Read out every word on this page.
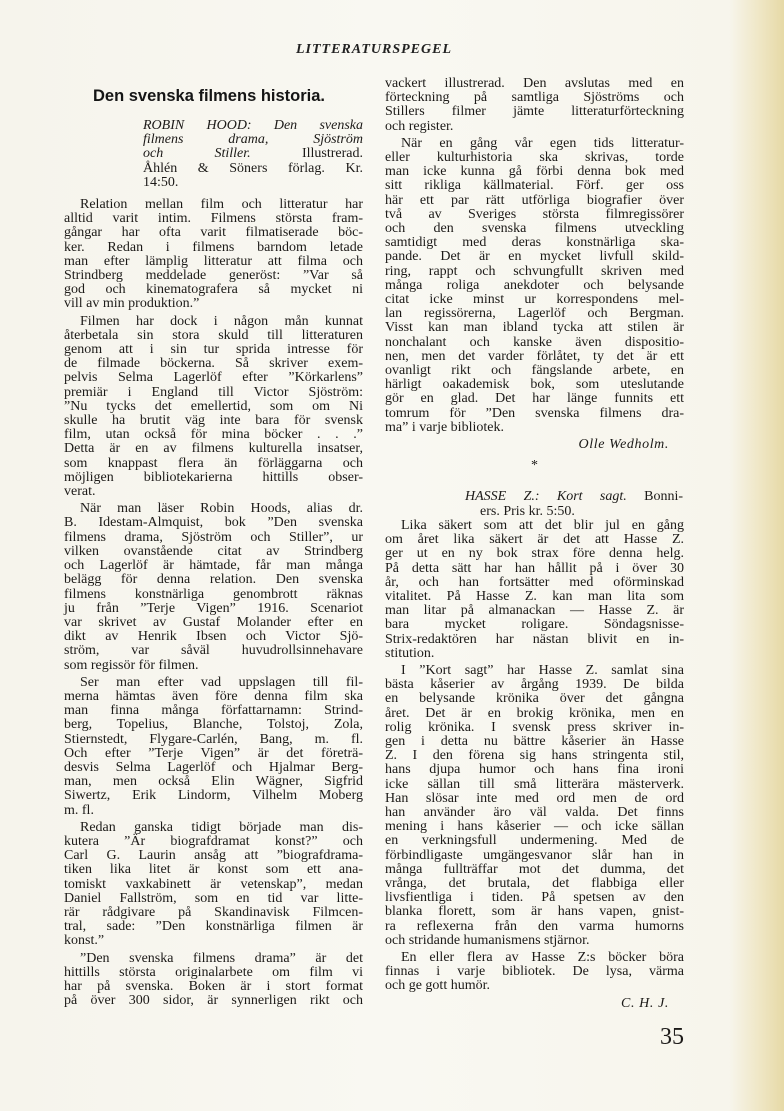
LITTERATURSPEGEL
Den svenska filmens historia.
ROBIN HOOD: Den svenska
filmens drama, Sjöström
och Stiller. Illustrerad.
Åhlén & Söners förlag. Kr.
14:50.
Relation mellan film och litteratur har
alltid varit intim. Filmens största fram-
gångar har ofta varit filmatiserade böc-
ker. Redan i filmens barndom letade
man efter lämplig litteratur att filma och
Strindberg meddelade generöst: ”Var så
god och kinematografera så mycket ni
vill av min produktion.”
Filmen har dock i någon mån kunnat
återbetala sin stora skuld till litteraturen
genom att i sin tur sprida intresse för
de filmade böckerna. Så skriver exem-
pelvis Selma Lagerlöf efter ”Körkarlens”
premiär i England till Victor Sjöström:
”Nu tycks det emellertid, som om Ni
skulle ha brutit väg inte bara för svensk
film, utan också för mina böcker . . .”
Detta är en av filmens kulturella insatser,
som knappast flera än förläggarna och
möjligen bibliotekarierna hittills obser-
verat.
När man läser Robin Hoods, alias dr.
B. Idestam-Almquist, bok ”Den svenska
filmens drama, Sjöström och Stiller”, ur
vilken ovanstående citat av Strindberg
och Lagerlöf är hämtade, får man många
belägg för denna relation. Den svenska
filmens konstnärliga genombrott räknas
ju från ”Terje Vigen” 1916. Scenariot
var skrivet av Gustaf Molander efter en
dikt av Henrik Ibsen och Victor Sjö-
ström, var såväl huvudrollsinnehavare
som regissör för filmen.
Ser man efter vad uppslagen till fil-
merna hämtas även före denna film ska
man finna många författarnamn: Strind-
berg, Topelius, Blanche, Tolstoj, Zola,
Stiernstedt, Flygare-Carlén, Bang, m. fl.
Och efter ”Terje Vigen” är det företrä-
desvis Selma Lagerlöf och Hjalmar Berg-
man, men också Elin Wägner, Sigfrid
Siwertz, Erik Lindorm, Vilhelm Moberg
m. fl.
Redan ganska tidigt började man dis-
kutera ”Är biografdramat konst?” och
Carl G. Laurin ansåg att ”biografdrama-
tiken lika litet är konst som ett ana-
tomiskt vaxkabinett är vetenskap”, medan
Daniel Fallström, som en tid var litte-
rär rådgivare på Skandinavisk Filmcen-
tral, sade: ”Den konstnärliga filmen är
konst.”
”Den svenska filmens drama” är det
hittills största originalarbete om film vi
har på svenska. Boken är i stort format
på över 300 sidor, är synnerligen rikt och
vackert illustrerad. Den avslutas med en
förteckning på samtliga Sjöströms och
Stillers filmer jämte litteraturförteckning
och register.
När en gång vår egen tids litteratur-
eller kulturhistoria ska skrivas, torde
man icke kunna gå förbi denna bok med
sitt rikliga källmaterial. Förf. ger oss
här ett par rätt utförliga biografier över
två av Sveriges största filmregissörer
och den svenska filmens utveckling
samtidigt med deras konstnärliga ska-
pande. Det är en mycket livfull skild-
ring, rappt och schvungfullt skriven med
många roliga anekdoter och belysande
citat icke minst ur korrespondens mel-
lan regissörerna, Lagerlöf och Bergman.
Visst kan man ibland tycka att stilen är
nonchalant och kanske även dispositio-
nen, men det varder förlåtet, ty det är ett
ovanligt rikt och fängslande arbete, en
härligt oakademisk bok, som uteslutande
gör en glad. Det har länge funnits ett
tomrum för ”Den svenska filmens dra-
ma” i varje bibliotek.
Olle Wedholm.
*
HASSE Z.: Kort sagt. Bonni-
ers. Pris kr. 5:50.
Lika säkert som att det blir jul en gång
om året lika säkert är det att Hasse Z.
ger ut en ny bok strax före denna helg.
På detta sätt har han hållit på i över 30
år, och han fortsätter med oförminskad
vitalitet. På Hasse Z. kan man lita som
man litar på almanackan — Hasse Z. är
bara mycket roligare. Söndagsnisse-
Strix-redaktören har nästan blivit en in-
stitution.
I ”Kort sagt” har Hasse Z. samlat sina
bästa kåserier av årgång 1939. De bilda
en belysande krönika över det gångna
året. Det är en brokig krönika, men en
rolig krönika. I svensk press skriver in-
gen i detta nu bättre kåserier än Hasse
Z. I den förena sig hans stringenta stil,
hans djupa humor och hans fina ironi
icke sällan till små litterära mästerverk.
Han slösar inte med ord men de ord
han använder äro väl valda. Det finns
mening i hans kåserier — och icke sällan
en verkningsfull undermening. Med de
förbindligaste umgängesvanor slår han in
många fullträffar mot det dumma, det
vrånga, det brutala, det flabbiga eller
livsfientliga i tiden. På spetsen av den
blanka florett, som är hans vapen, gnist-
ra reflexerna från den varma humorns
och stridande humanismens stjärnor.
En eller flera av Hasse Z:s böcker böra
finnas i varje bibliotek. De lysa, värma
och ge gott humör.
C. H. J.
35
